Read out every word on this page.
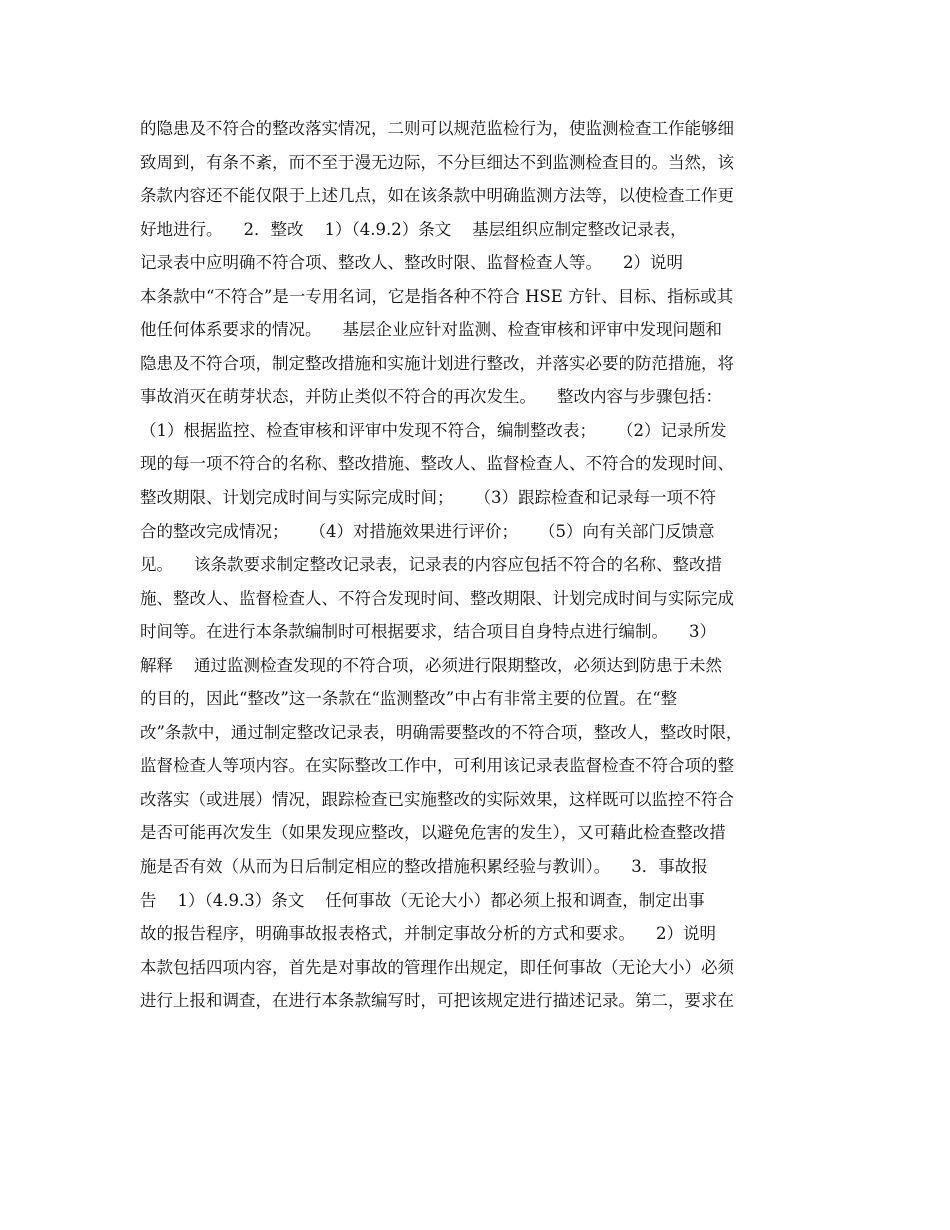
的隐患及不符合的整改落实情况，二则可以规范监检行为，使监测检查工作能够细
致周到，有条不紊，而不至于漫无边际，不分巨细达不到监测检查目的。当然，该
条款内容还不能仅限于上述几点，如在该条款中明确监测方法等，以使检查工作更
好地进行。    2．整改    1）（4.9.2）条文    基层组织应制定整改记录表，
记录表中应明确不符合项、整改人、整改时限、监督检查人等。    2）说明
本条款中“不符合”是一专用名词，它是指各种不符合 HSE 方针、目标、指标或其
他任何体系要求的情况。    基层企业应针对监测、检查审核和评审中发现问题和
隐患及不符合项，制定整改措施和实施计划进行整改，并落实必要的防范措施，将
事故消灭在萌芽状态，并防止类似不符合的再次发生。    整改内容与步骤包括：
（1）根据监控、检查审核和评审中发现不符合，编制整改表；    （2）记录所发
现的每一项不符合的名称、整改措施、整改人、监督检查人、不符合的发现时间、
整改期限、计划完成时间与实际完成时间；    （3）跟踪检查和记录每一项不符
合的整改完成情况；    （4）对措施效果进行评价；    （5）向有关部门反馈意
见。    该条款要求制定整改记录表，记录表的内容应包括不符合的名称、整改措
施、整改人、监督检查人、不符合发现时间、整改期限、计划完成时间与实际完成
时间等。在进行本条款编制时可根据要求，结合项目自身特点进行编制。    3）
解释    通过监测检查发现的不符合项，必须进行限期整改，必须达到防患于未然
的目的，因此“整改”这一条款在“监测整改”中占有非常主要的位置。在“整
改”条款中，通过制定整改记录表，明确需要整改的不符合项，整改人，整改时限，
监督检查人等项内容。在实际整改工作中，可利用该记录表监督检查不符合项的整
改落实（或进展）情况，跟踪检查已实施整改的实际效果，这样既可以监控不符合
是否可能再次发生（如果发现应整改，以避免危害的发生），又可藉此检查整改措
施是否有效（从而为日后制定相应的整改措施积累经验与教训）。    3．事故报
告    1）（4.9.3）条文    任何事故（无论大小）都必须上报和调查，制定出事
故的报告程序，明确事故报表格式，并制定事故分析的方式和要求。    2）说明
本款包括四项内容，首先是对事故的管理作出规定，即任何事故（无论大小）必须
进行上报和调查，在进行本条款编写时，可把该规定进行描述记录。第二，要求在
